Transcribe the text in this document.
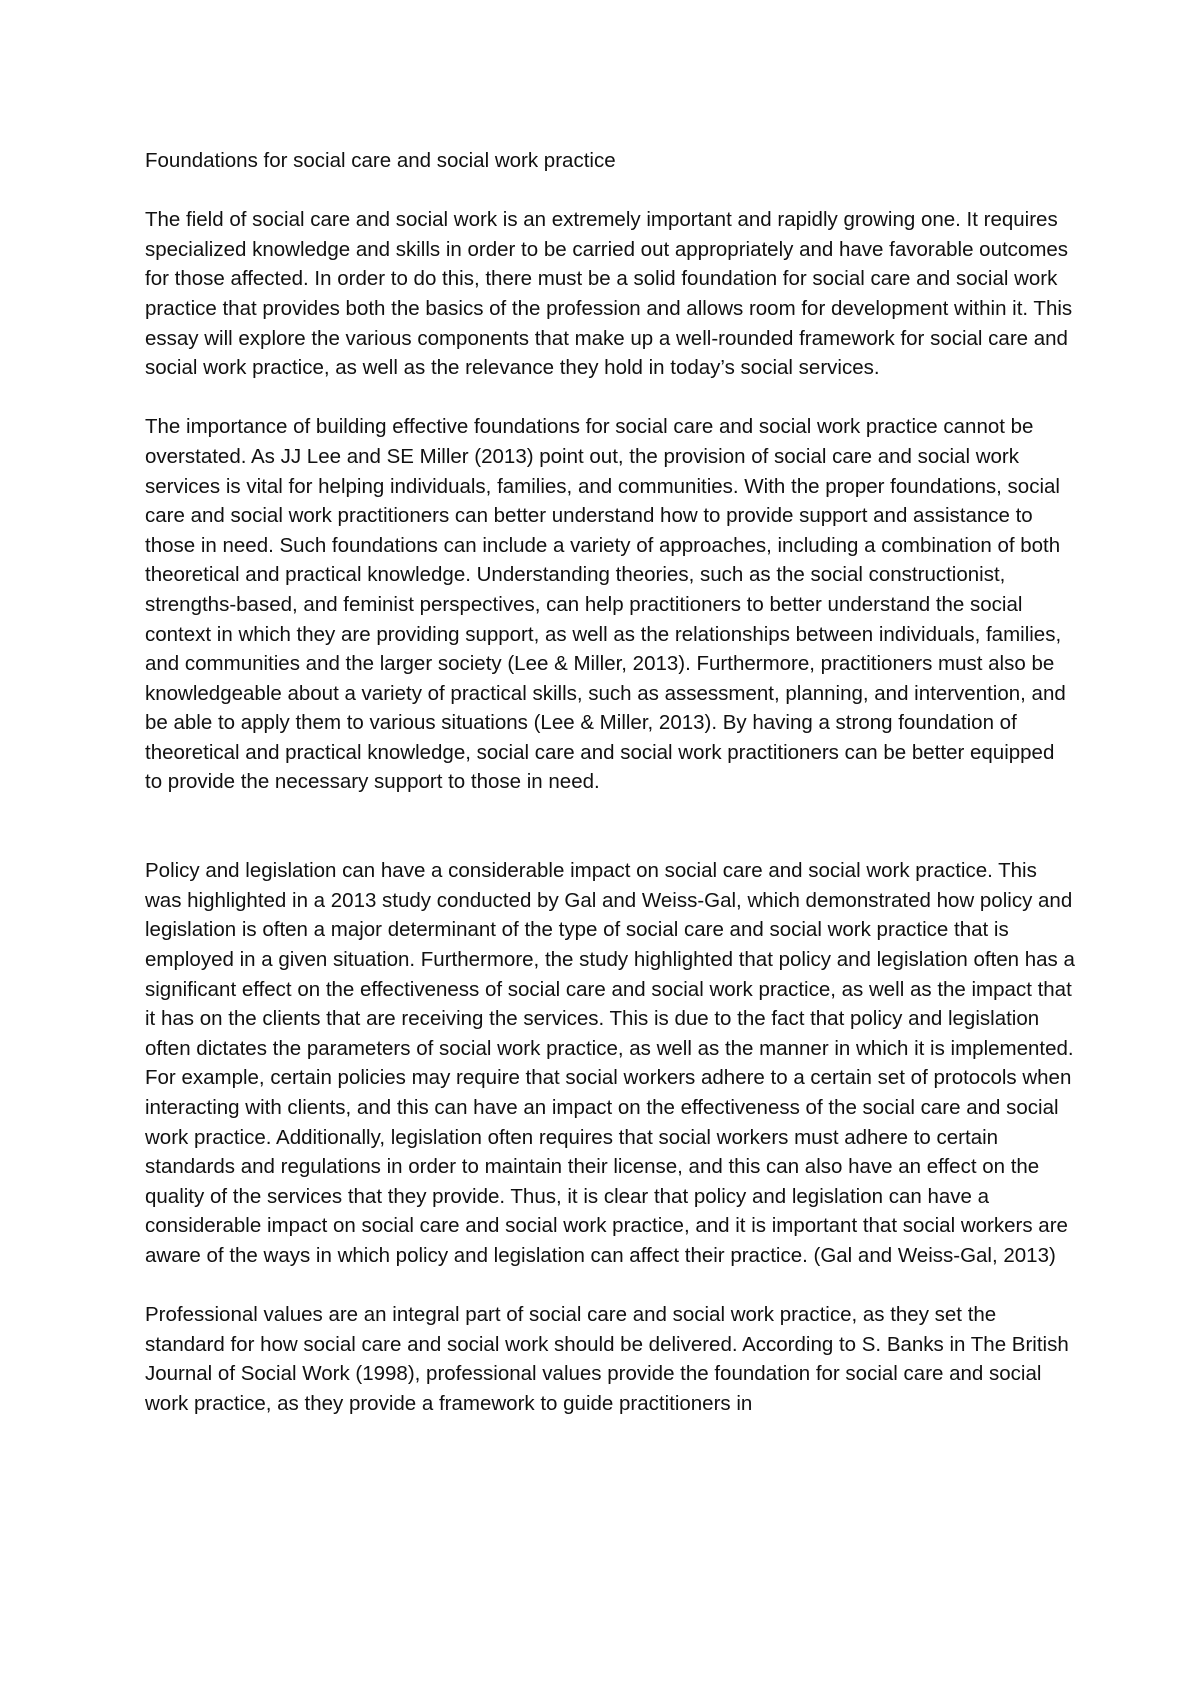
Foundations for social care and social work practice

The field of social care and social work is an extremely important and rapidly growing one. It requires specialized knowledge and skills in order to be carried out appropriately and have favorable outcomes for those affected. In order to do this, there must be a solid foundation for social care and social work practice that provides both the basics of the profession and allows room for development within it. This essay will explore the various components that make up a well-rounded framework for social care and social work practice, as well as the relevance they hold in today’s social services.

The importance of building effective foundations for social care and social work practice cannot be overstated. As JJ Lee and SE Miller (2013) point out, the provision of social care and social work services is vital for helping individuals, families, and communities. With the proper foundations, social care and social work practitioners can better understand how to provide support and assistance to those in need. Such foundations can include a variety of approaches, including a combination of both theoretical and practical knowledge. Understanding theories, such as the social constructionist, strengths-based, and feminist perspectives, can help practitioners to better understand the social context in which they are providing support, as well as the relationships between individuals, families, and communities and the larger society (Lee & Miller, 2013). Furthermore, practitioners must also be knowledgeable about a variety of practical skills, such as assessment, planning, and intervention, and be able to apply them to various situations (Lee & Miller, 2013). By having a strong foundation of theoretical and practical knowledge, social care and social work practitioners can be better equipped to provide the necessary support to those in need.

Policy and legislation can have a considerable impact on social care and social work practice. This was highlighted in a 2013 study conducted by Gal and Weiss-Gal, which demonstrated how policy and legislation is often a major determinant of the type of social care and social work practice that is employed in a given situation. Furthermore, the study highlighted that policy and legislation often has a significant effect on the effectiveness of social care and social work practice, as well as the impact that it has on the clients that are receiving the services. This is due to the fact that policy and legislation often dictates the parameters of social work practice, as well as the manner in which it is implemented. For example, certain policies may require that social workers adhere to a certain set of protocols when interacting with clients, and this can have an impact on the effectiveness of the social care and social work practice. Additionally, legislation often requires that social workers must adhere to certain standards and regulations in order to maintain their license, and this can also have an effect on the quality of the services that they provide. Thus, it is clear that policy and legislation can have a considerable impact on social care and social work practice, and it is important that social workers are aware of the ways in which policy and legislation can affect their practice. (Gal and Weiss-Gal, 2013)

Professional values are an integral part of social care and social work practice, as they set the standard for how social care and social work should be delivered. According to S. Banks in The British Journal of Social Work (1998), professional values provide the foundation for social care and social work practice, as they provide a framework to guide practitioners in
